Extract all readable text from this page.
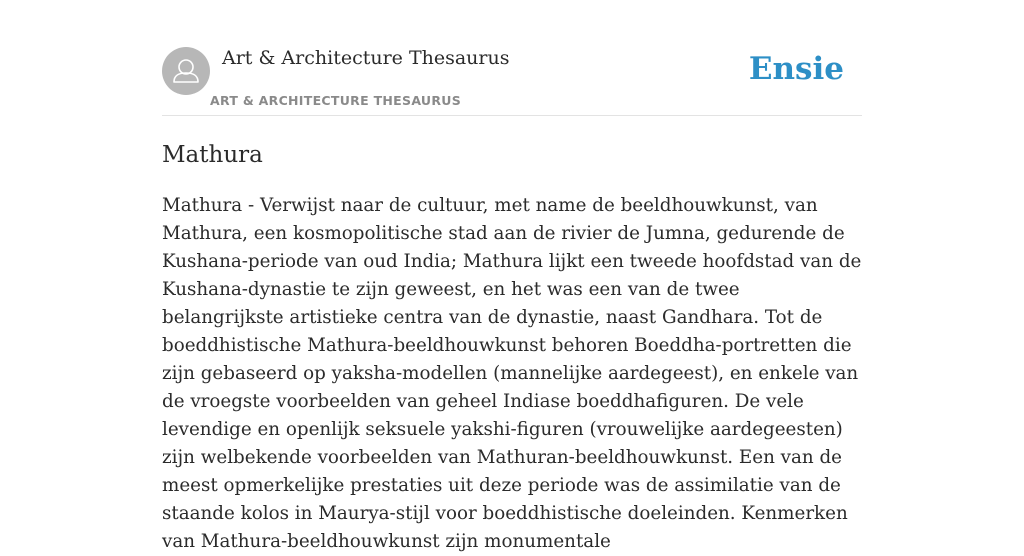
Art & Architecture Thesaurus
ART & ARCHITECTURE THESAURUS
Ensie
Mathura

Mathura - Verwijst naar de cultuur, met name de beeldhouwkunst, van Mathura, een kosmopolitische stad aan de rivier de Jumna, gedurende de Kushana-periode van oud India; Mathura lijkt een tweede hoofdstad van de Kushana-dynastie te zijn geweest, en het was een van de twee belangrijkste artistieke centra van de dynastie, naast Gandhara. Tot de boeddhistische Mathura-beeldhouwkunst behoren Boeddha-portretten die zijn gebaseerd op yaksha-modellen (mannelijke aardegeest), en enkele van de vroegste voorbeelden van geheel Indiase boeddhafiguren. De vele levendige en openlijk seksuele yakshi-figuren (vrouwelijke aardegeesten) zijn welbekende voorbeelden van Mathuran-beeldhouwkunst. Een van de meest opmerkelijke prestaties uit deze periode was de assimilatie van de staande kolos in Maurya-stijl voor boeddhistische doeleinden. Kenmerken van Mathura-beeldhouwkunst zijn monumentale
